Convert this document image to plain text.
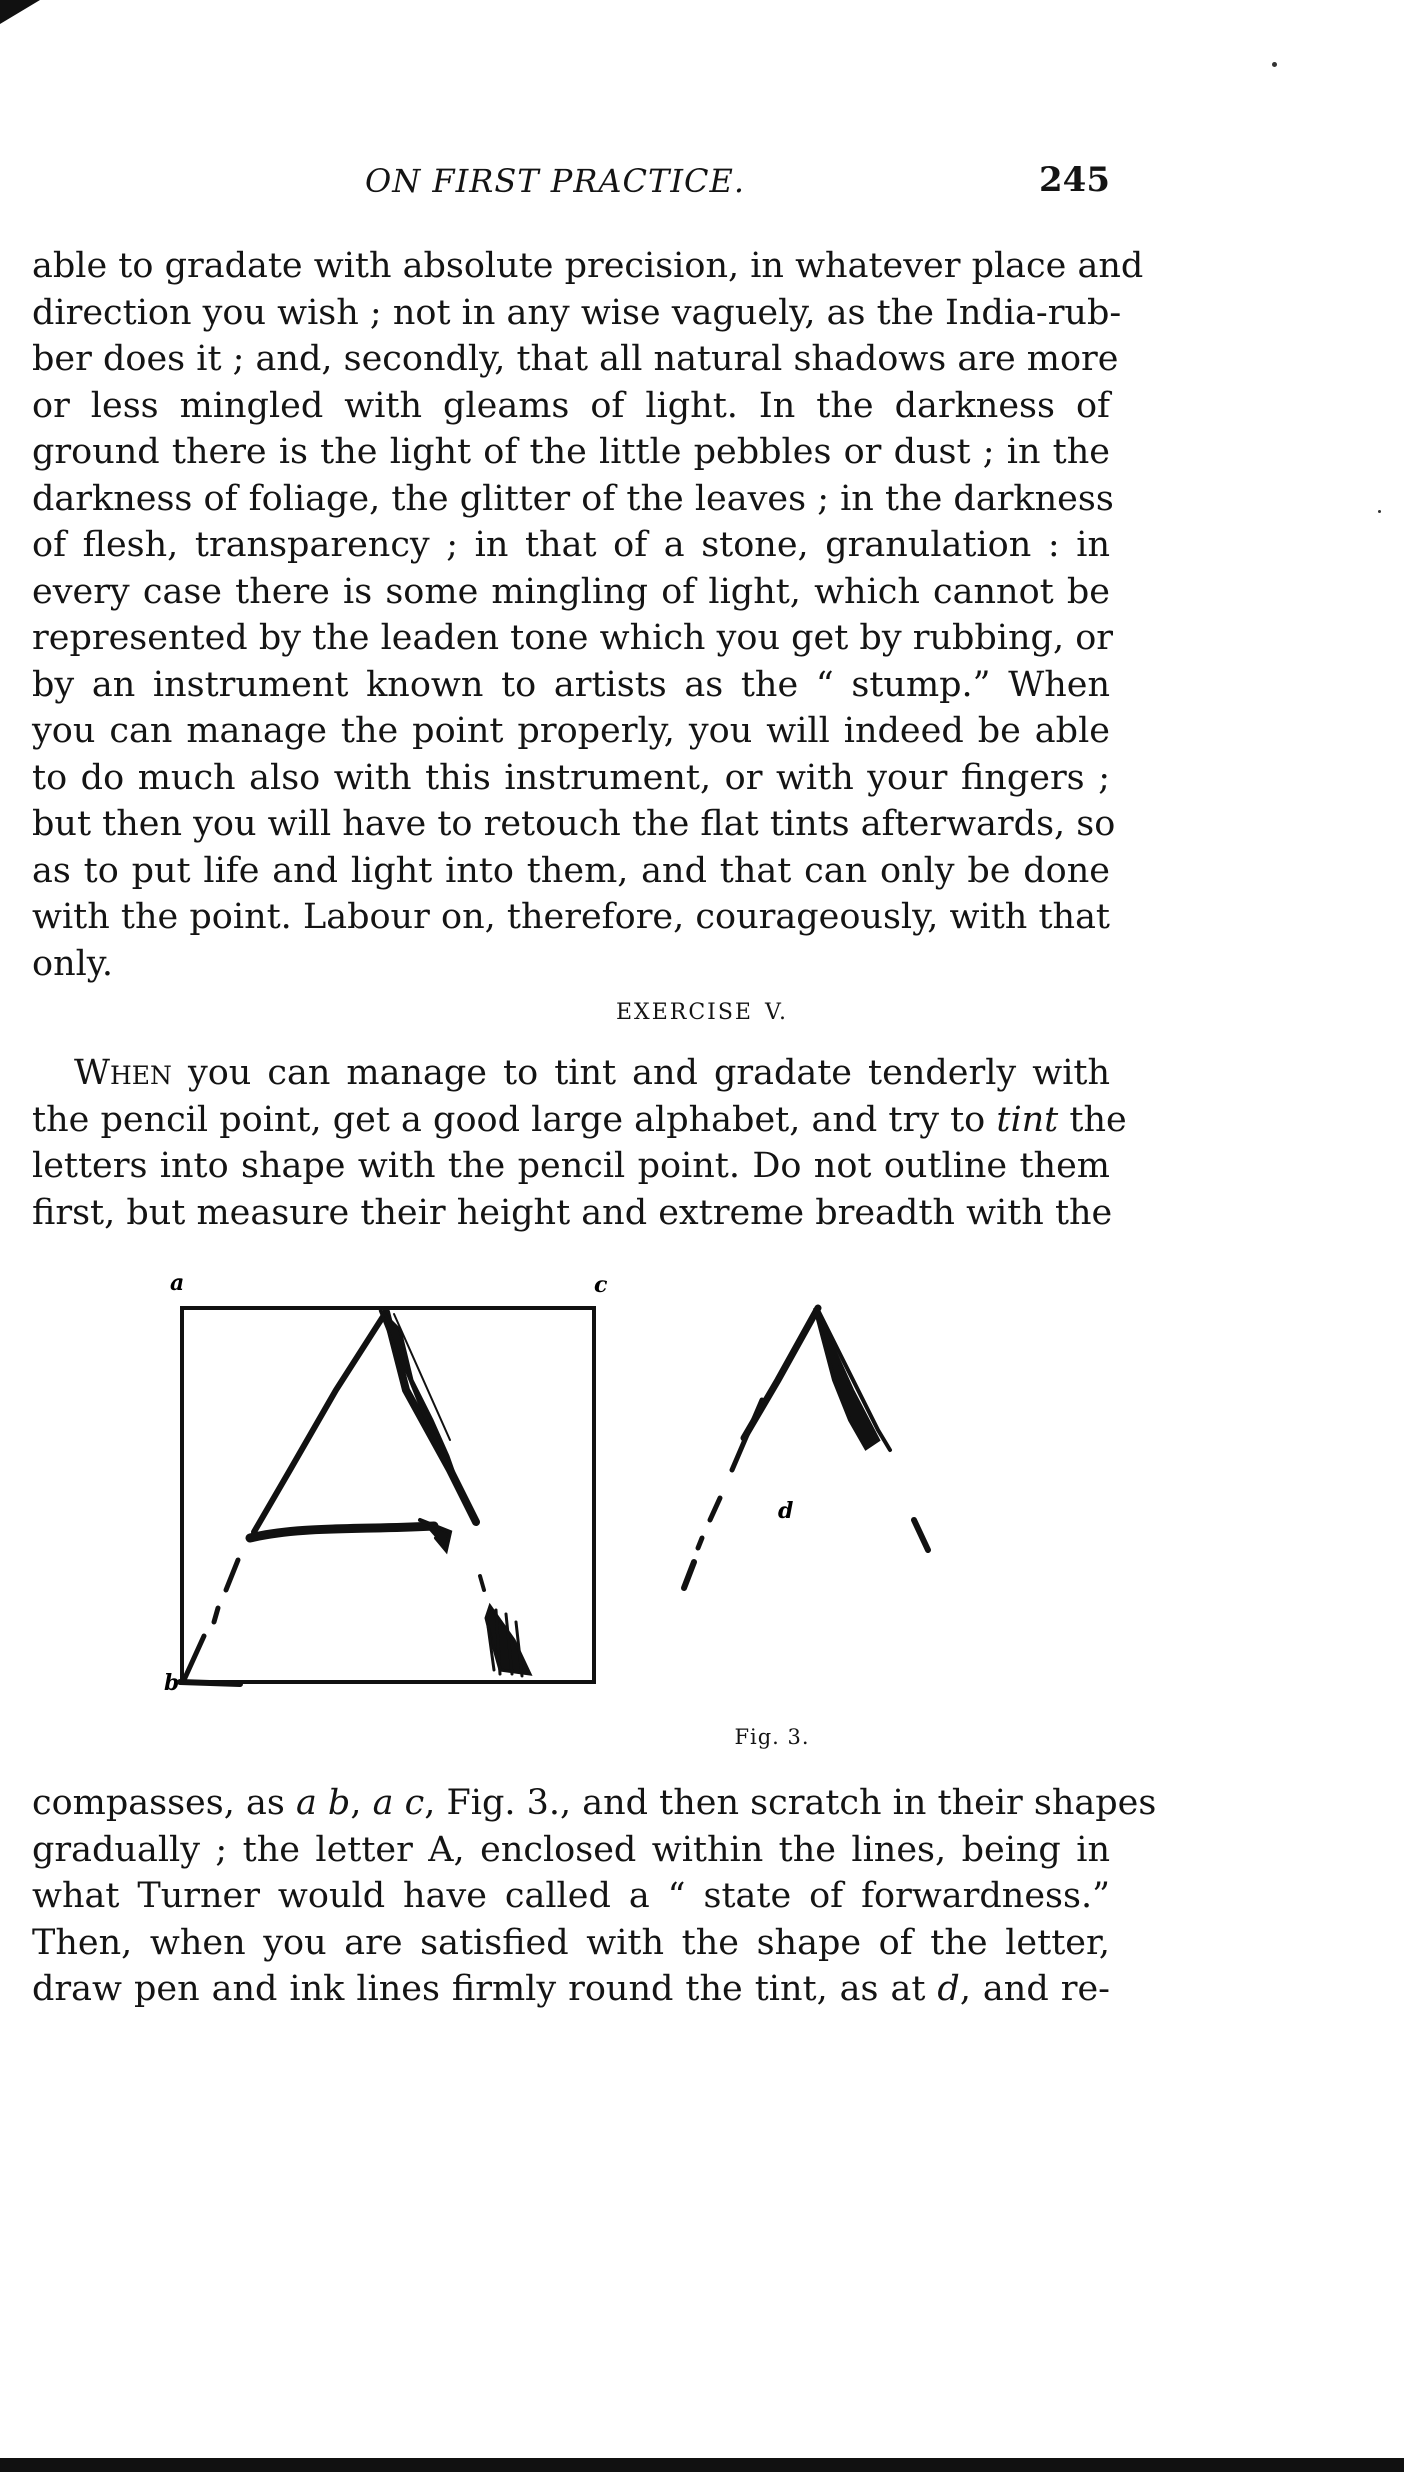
ON FIRST PRACTICE.	245
able to gradate with absolute precision, in whatever place and
direction you wish ; not in any wise vaguely, as the India-rub-
ber does it ; and, secondly, that all natural shadows are more
or less mingled with gleams of light. In the darkness of
ground there is the light of the little pebbles or dust ; in the
darkness of foliage, the glitter of the leaves ; in the darkness
of flesh, transparency ; in that of a stone, granulation : in
every case there is some mingling of light, which cannot be
represented by the leaden tone which you get by rubbing, or
by an instrument known to artists as the “ stump.” When
you can manage the point properly, you will indeed be able
to do much also with this instrument, or with your fingers ;
but then you will have to retouch the flat tints afterwards, so
as to put life and light into them, and that can only be done
with the point. Labour on, therefore, courageously, with that
only.
EXERCISE V.
When you can manage to tint and gradate tenderly with
the pencil point, get a good large alphabet, and try to tint the
letters into shape with the pencil point. Do not outline them
first, but measure their height and extreme breadth with the
a	c
b
d
Fig. 3.
compasses, as a b, a c, Fig. 3., and then scratch in their shapes
gradually ; the letter A, enclosed within the lines, being in
what Turner would have called a “ state of forwardness.”
Then, when you are satisfied with the shape of the letter,
draw pen and ink lines firmly round the tint, as at d, and re-
